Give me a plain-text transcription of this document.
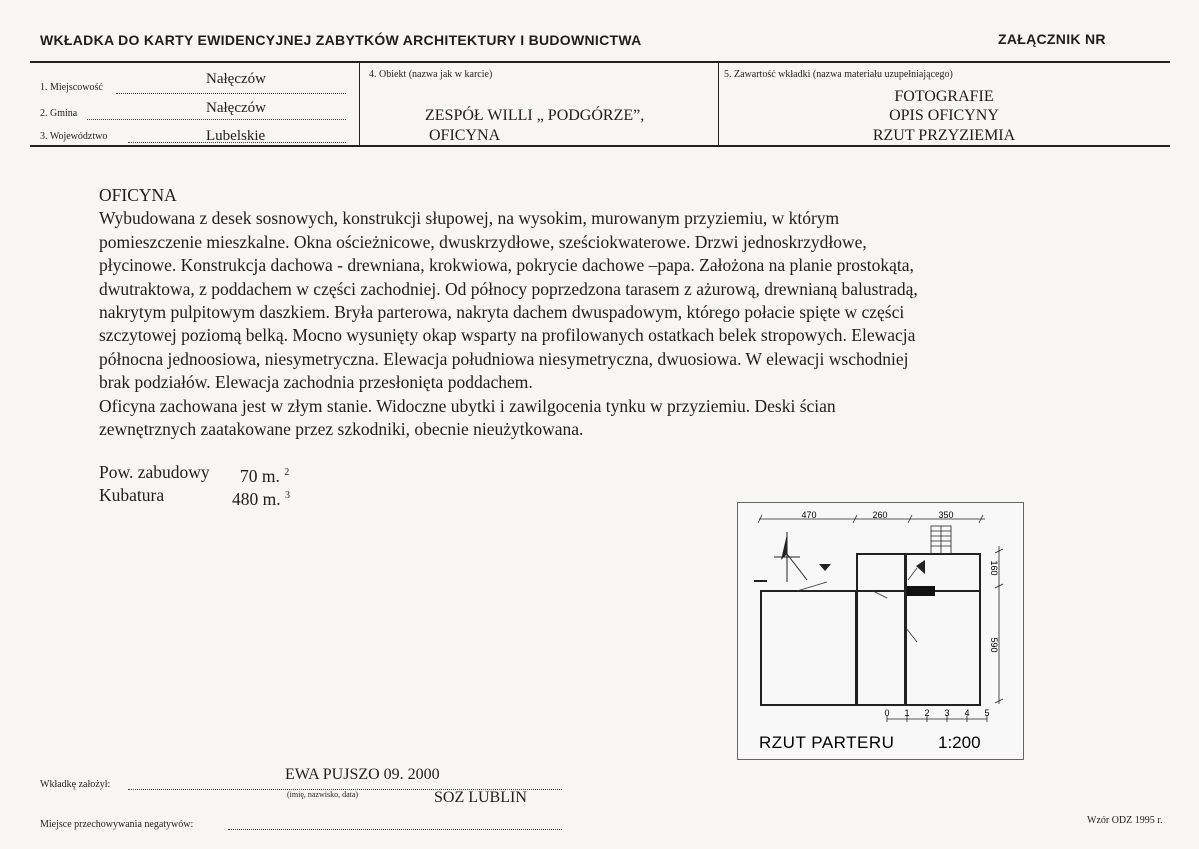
WKŁADKA DO KARTY EWIDENCYJNEJ ZABYTKÓW ARCHITEKTURY I BUDOWNICTWA	ZAŁĄCZNIK NR
1. Miejscowość
Nałęczów
2. Gmina	Nałęczów
3. Województwo	Lubelskie
4. Obiekt (nazwa jak w karcie)
ZESPÓŁ WILLI „ PODGÓRZE”,
OFICYNA
5. Zawartość wkładki (nazwa materiału uzupełniającego)
FOTOGRAFIE
OPIS OFICYNY
RZUT PRZYZIEMIA
OFICYNA
Wybudowana z desek sosnowych, konstrukcji słupowej, na wysokim, murowanym przyziemiu, w którym
pomieszczenie mieszkalne. Okna ościeżnicowe, dwuskrzydłowe, sześciokwaterowe. Drzwi jednoskrzydłowe,
płycinowe. Konstrukcja dachowa - drewniana, krokwiowa, pokrycie dachowe –papa. Założona na planie prostokąta,
dwutraktowa, z poddachem w części zachodniej. Od północy poprzedzona tarasem z ażurową, drewnianą balustradą,
nakrytym pulpitowym daszkiem. Bryła parterowa, nakryta dachem dwuspadowym, którego połacie spięte w części
szczytowej poziomą belką. Mocno wysunięty okap wsparty na profilowanych ostatkach belek stropowych. Elewacja
północna jednoosiowa, niesymetryczna. Elewacja południowa niesymetryczna, dwuosiowa. W elewacji wschodniej
brak podziałów. Elewacja zachodnia przesłonięta poddachem.
Oficyna zachowana jest w złym stanie. Widoczne ubytki i zawilgocenia tynku w przyziemiu. Deski ścian
zewnętrznych zaatakowane przez szkodniki, obecnie nieużytkowana.
Pow. zabudowy 70 m. $^2$
Kubatura	480 m. $^3$
470	260	350
160
590
0 1 2 3 4 5
RZUT PARTERU	1:200
Wkładkę założył:
EWA PUJSZO 09. 2000
(imię, nazwisko, data)	SOZ LUBLIN
Miejsce przechowywania negatywów:	Wzór ODZ 1995 r.
